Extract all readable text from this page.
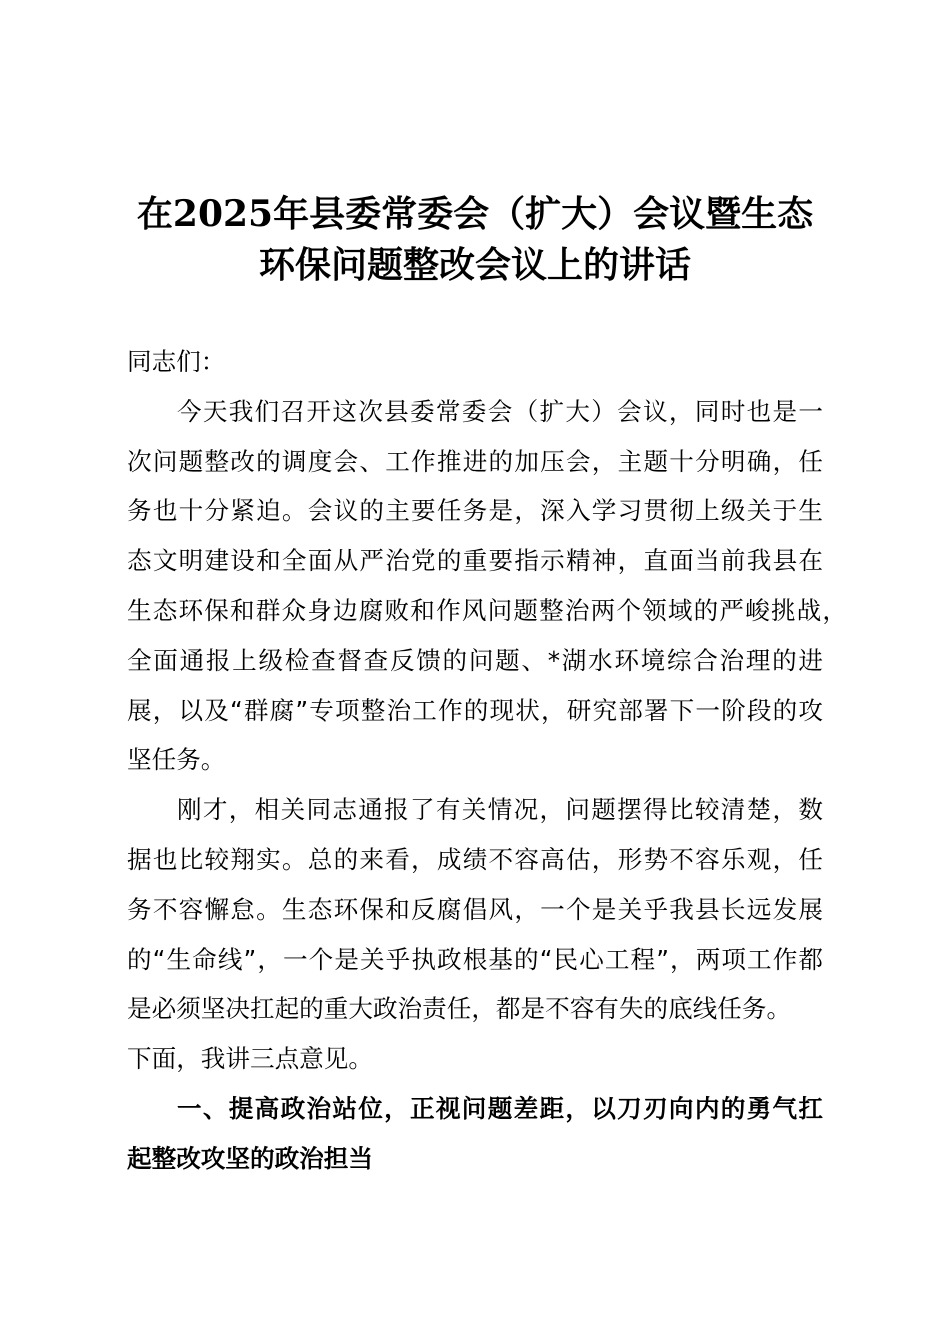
在2025年县委常委会（扩大）会议暨生态
环保问题整改会议上的讲话
同志们：
今天我们召开这次县委常委会（扩大）会议，同时也是一
次问题整改的调度会、工作推进的加压会，主题十分明确，任
务也十分紧迫。会议的主要任务是，深入学习贯彻上级关于生
态文明建设和全面从严治党的重要指示精神，直面当前我县在
生态环保和群众身边腐败和作风问题整治两个领域的严峻挑战，
全面通报上级检查督查反馈的问题、*湖水环境综合治理的进
展，以及“群腐”专项整治工作的现状，研究部署下一阶段的攻
坚任务。
刚才，相关同志通报了有关情况，问题摆得比较清楚，数
据也比较翔实。总的来看，成绩不容高估，形势不容乐观，任
务不容懈怠。生态环保和反腐倡风，一个是关乎我县长远发展
的“生命线”，一个是关乎执政根基的“民心工程”，两项工作都
是必须坚决扛起的重大政治责任，都是不容有失的底线任务。
下面，我讲三点意见。
一、提高政治站位，正视问题差距，以刀刃向内的勇气扛
起整改攻坚的政治担当
